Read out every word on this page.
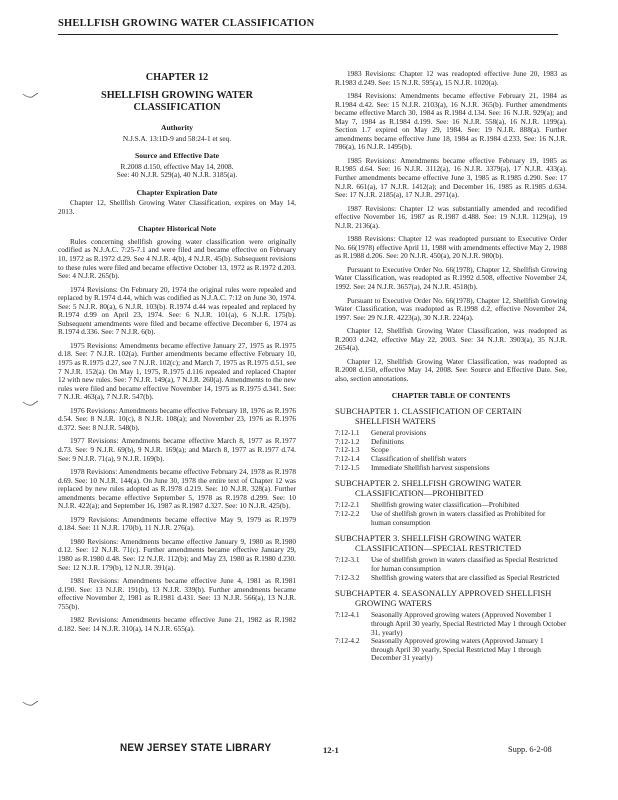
SHELLFISH GROWING WATER CLASSIFICATION
CHAPTER 12
SHELLFISH GROWING WATER CLASSIFICATION
Authority
N.J.S.A. 13:1D-9 and 58:24-1 et seq.
Source and Effective Date
R.2008 d.150, effective May 14, 2008.
See: 40 N.J.R. 529(a), 40 N.J.R. 3185(a).
Chapter Expiration Date

Chapter 12, Shellfish Growing Water Classification, expires on May 14, 2013.

Chapter Historical Note

Rules concerning shellfish growing water classification were originally codified as N.J.A.C. 7:25-7.1 and were filed and became effective on February 10, 1972 as R.1972 d.29. See 4 N.J.R. 4(b), 4 N.J.R. 45(b). Subsequent revisions to these rules were filed and became effective October 13, 1972 as R.1972 d.203. See: 4 N.J.R. 265(b).

1974 Revisions: On February 20, 1974 the original rules were repealed and replaced by R.1974 d.44, which was codified as N.J.A.C. 7:12 on June 30, 1974. See: 5 N.J.R. 80(a), 6 N.J.R. 103(b). R.1974 d.44 was repealed and replaced by R.1974 d.99 on April 23, 1974. See: 6 N.J.R. 101(a), 6 N.J.R. 175(b). Subsequent amendments were filed and became effective December 6, 1974 as R.1974 d.336. See: 7 N.J.R. 6(b).

1975 Revisions: Amendments became effective January 27, 1975 as R.1975 d.18. See: 7 N.J.R. 102(a). Further amendments became effective February 10, 1975 as R.1975 d.27, see 7 N.J.R. 102(c); and March 7, 1975 as R.1975 d.51, see 7 N.J.R. 152(a). On May 1, 1975, R.1975 d.116 repealed and replaced Chapter 12 with new rules. See: 7 N.J.R. 149(a), 7 N.J.R. 260(a). Amendments to the new rules were filed and became effective November 14, 1975 as R.1975 d.341. See: 7 N.J.R. 463(a), 7 N.J.R. 547(b).

1976 Revisions: Amendments became effective February 18, 1976 as R.1976 d.54. See: 8 N.J.R. 10(c), 8 N.J.R. 108(a); and November 23, 1976 as R.1976 d.372. See: 8 N.J.R. 548(b).

1977 Revisions: Amendments became effective March 8, 1977 as R.1977 d.73. See: 9 N.J.R. 69(b), 9 N.J.R. 169(a); and March 8, 1977 as R.1977 d.74. See: 9 N.J.R. 71(a), 9 N.J.R. 169(b).

1978 Revisions: Amendments became effective February 24, 1978 as R.1978 d.69. See: 10 N.J.R. 144(a). On June 30, 1978 the entire text of Chapter 12 was replaced by new rules adopted as R.1978 d.219. See: 10 N.J.R. 328(a). Further amendments became effective September 5, 1978 as R.1978 d.299. See: 10 N.J.R. 422(a); and September 16, 1987 as R.1987 d.327. See: 10 N.J.R. 425(b).

1979 Revisions: Amendments became effective May 9, 1979 as R.1979 d.184. See: 11 N.J.R. 170(b), 11 N.J.R. 276(a).

1980 Revisions: Amendments became effective January 9, 1980 as R.1980 d.12. See: 12 N.J.R. 71(c). Further amendments became effective January 29, 1980 as R.1980 d.48. See: 12 N.J.R. 112(b); and May 23, 1980 as R.1980 d.230. See: 12 N.J.R. 179(b), 12 N.J.R. 391(a).

1981 Revisions: Amendments became effective June 4, 1981 as R.1981 d.190. See: 13 N.J.R. 191(b), 13 N.J.R. 339(b). Further amendments became effective November 2, 1981 as R.1981 d.431. See: 13 N.J.R. 566(a), 13 N.J.R. 755(b).

1982 Revisions: Amendments became effective June 21, 1982 as R.1982 d.182. See: 14 N.J.R. 310(a), 14 N.J.R. 655(a).

1983 Revisions: Chapter 12 was readopted effective June 20, 1983 as R.1983 d.249. See: 15 N.J.R. 595(a), 15 N.J.R. 1020(a).

1984 Revisions: Amendments became effective February 21, 1984 as R.1984 d.42. See: 15 N.J.R. 2103(a), 16 N.J.R. 365(b). Further amendments became effective March 30, 1984 as R.1984 d.134. See: 16 N.J.R. 929(a); and May 7, 1984 as R.1984 d.199. See: 16 N.J.R. 558(a), 16 N.J.R. 1199(a). Section 1.7 expired on May 29, 1984. See: 19 N.J.R. 888(a). Further amendments became effective June 18, 1984 as R.1984 d.233. See: 16 N.J.R. 786(a), 16 N.J.R. 1495(b).

1985 Revisions: Amendments became effective February 19, 1985 as R.1985 d.64. See: 16 N.J.R. 3112(a), 16 N.J.R. 3379(a), 17 N.J.R. 433(a). Further amendments became effective June 3, 1985 as R.1985 d.290. See: 17 N.J.R. 661(a), 17 N.J.R. 1412(a); and December 16, 1985 as R.1985 d.634. See: 17 N.J.R. 2185(a), 17 N.J.R. 2971(a).

1987 Revisions: Chapter 12 was substantially amended and recodified effective November 16, 1987 as R.1987 d.488. See: 19 N.J.R. 1129(a), 19 N.J.R. 2136(a).

1988 Revisions: Chapter 12 was readopted pursuant to Executive Order No. 66(1978) effective April 11, 1988 with amendments effective May 2, 1988 as R.1988 d.206. See: 20 N.J.R. 450(a), 20 N.J.R. 980(b).

Pursuant to Executive Order No. 66(1978), Chapter 12, Shellfish Growing Water Classification, was readopted as R.1992 d.508, effective November 24, 1992. See: 24 N.J.R. 3657(a), 24 N.J.R. 4518(b).

Pursuant to Executive Order No. 66(1978), Chapter 12, Shellfish Growing Water Classification, was readopted as R.1998 d.2, effective November 24, 1997. See: 29 N.J.R. 4223(a), 30 N.J.R. 224(a).

Chapter 12, Shellfish Growing Water Classification, was readopted as R.2003 d.242, effective May 22, 2003. See: 34 N.J.R. 3903(a), 35 N.J.R. 2654(a).

Chapter 12, Shellfish Growing Water Classification, was readopted as R.2008 d.150, effective May 14, 2008. See: Source and Effective Date. See, also, section annotations.

CHAPTER TABLE OF CONTENTS
SUBCHAPTER 1. CLASSIFICATION OF CERTAIN
SHELLFISH WATERS
7:12-1.1	General provisions
7:12-1.2	Definitions
7:12-1.3	Scope
7:12-1.4	Classification of shellfish waters
7:12-1.5	Immediate Shellfish harvest suspensions
SUBCHAPTER 2. SHELLFISH GROWING WATER
CLASSIFICATION—PROHIBITED
7:12-2.1	Shellfish growing water classification—Prohibited
7:12-2.2	Use of shellfish grown in waters classified as Prohibited for human consumption
SUBCHAPTER 3. SHELLFISH GROWING WATER
CLASSIFICATION—SPECIAL RESTRICTED
7:12-3.1	Use of shellfish grown in waters classified as Special Restricted for human consumption
7:12-3.2	Shellfish growing waters that are classified as Special Restricted
SUBCHAPTER 4. SEASONALLY APPROVED SHELLFISH
GROWING WATERS
7:12-4.1	Seasonally Approved growing waters (Approved November 1 through April 30 yearly, Special Restricted May 1 through October 31, yearly)
7:12-4.2	Seasonally Approved growing waters (Approved January 1 through April 30 yearly, Special Restricted May 1 through December 31 yearly)
NEW JERSEY STATE LIBRARY	12-1	Supp. 6-2-08
